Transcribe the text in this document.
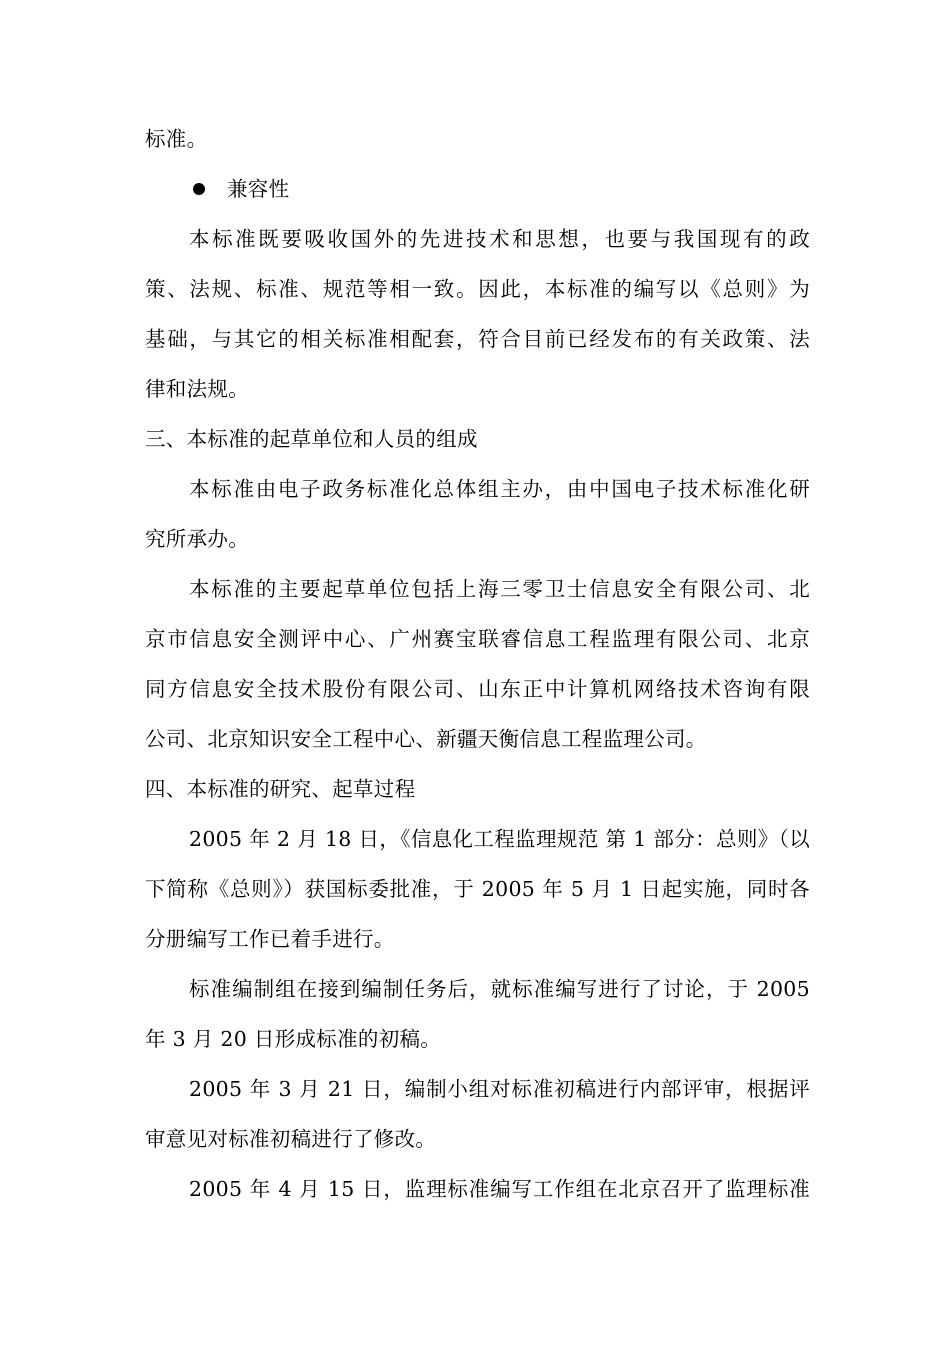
标准。
兼容性
本标准既要吸收国外的先进技术和思想，也要与我国现有的政
策、法规、标准、规范等相一致。因此，本标准的编写以《总则》为
基础，与其它的相关标准相配套，符合目前已经发布的有关政策、法
律和法规。
三、本标准的起草单位和人员的组成
本标准由电子政务标准化总体组主办，由中国电子技术标准化研
究所承办。
本标准的主要起草单位包括上海三零卫士信息安全有限公司、北
京市信息安全测评中心、广州赛宝联睿信息工程监理有限公司、北京
同方信息安全技术股份有限公司、山东正中计算机网络技术咨询有限
公司、北京知识安全工程中心、新疆天衡信息工程监理公司。
四、本标准的研究、起草过程
2005 年 2 月 18 日，《信息化工程监理规范 第 1 部分：总则》（以
下简称《总则》）获国标委批准，于 2005 年 5 月 1 日起实施，同时各
分册编写工作已着手进行。
标准编制组在接到编制任务后，就标准编写进行了讨论，于 2005
年 3 月 20 日形成标准的初稿。
2005 年 3 月 21 日，编制小组对标准初稿进行内部评审，根据评
审意见对标准初稿进行了修改。
2005 年 4 月 15 日，监理标准编写工作组在北京召开了监理标准
